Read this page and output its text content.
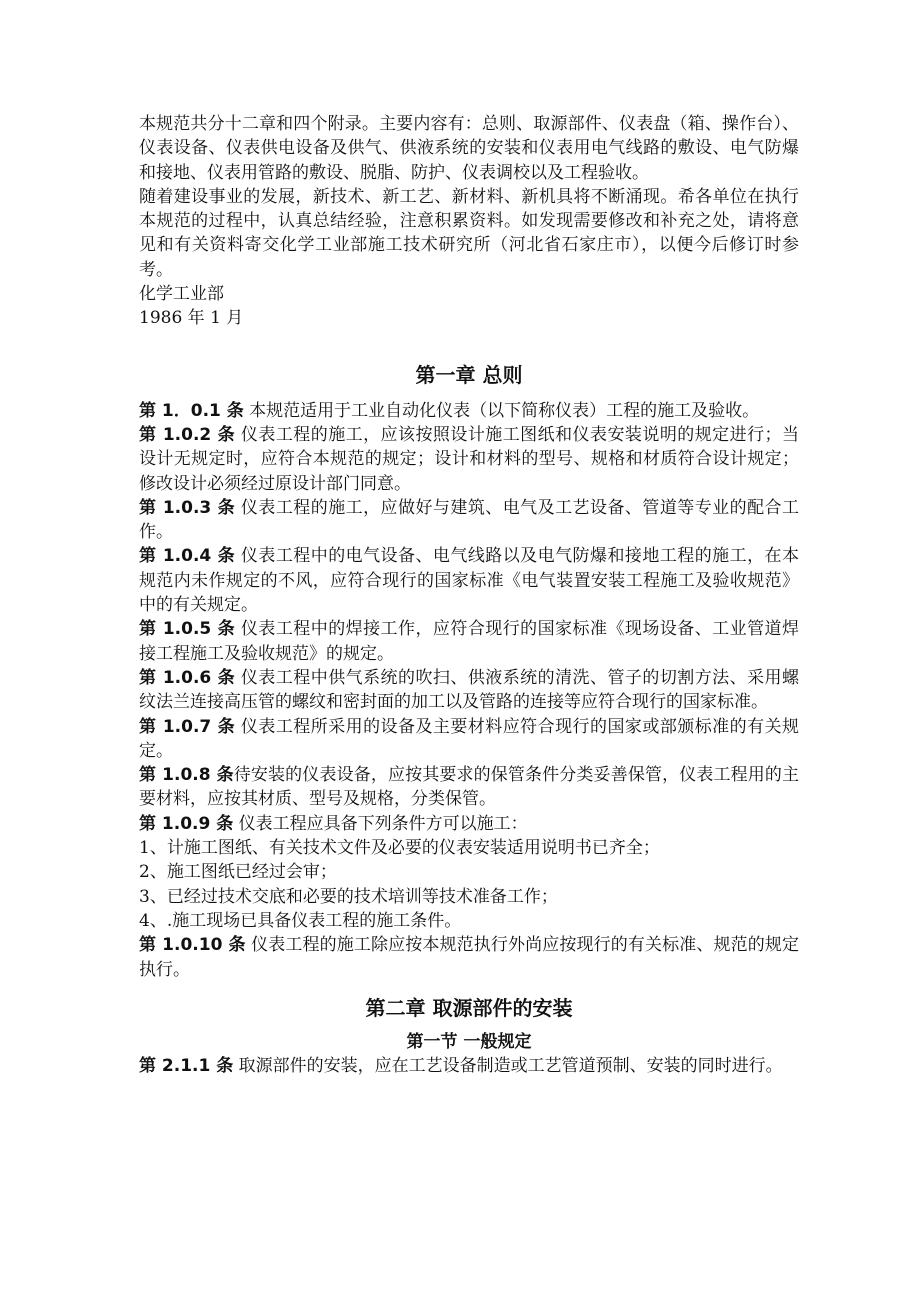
本规范共分十二章和四个附录。主要内容有：总则、取源部件、仪表盘（箱、操作台）、仪表设备、仪表供电设备及供气、供液系统的安装和仪表用电气线路的敷设、电气防爆和接地、仪表用管路的敷设、脱脂、防护、仪表调校以及工程验收。

随着建设事业的发展，新技术、新工艺、新材料、新机具将不断涌现。希各单位在执行本规范的过程中，认真总结经验，注意积累资料。如发现需要修改和补充之处，请将意见和有关资料寄交化学工业部施工技术研究所（河北省石家庄市），以便今后修订时参考。

化学工业部

1986 年 1 月

第一章 总则

第 1．0.1 条 本规范适用于工业自动化仪表（以下简称仪表）工程的施工及验收。

第 1.0.2 条 仪表工程的施工，应该按照设计施工图纸和仪表安装说明的规定进行；当设计无规定时，应符合本规范的规定；设计和材料的型号、规格和材质符合设计规定；修改设计必须经过原设计部门同意。

第 1.0.3 条 仪表工程的施工，应做好与建筑、电气及工艺设备、管道等专业的配合工作。

第 1.0.4 条 仪表工程中的电气设备、电气线路以及电气防爆和接地工程的施工，在本规范内未作规定的不风，应符合现行的国家标准《电气装置安装工程施工及验收规范》中的有关规定。

第 1.0.5 条 仪表工程中的焊接工作，应符合现行的国家标准《现场设备、工业管道焊接工程施工及验收规范》的规定。

第 1.0.6 条 仪表工程中供气系统的吹扫、供液系统的清洗、管子的切割方法、采用螺纹法兰连接高压管的螺纹和密封面的加工以及管路的连接等应符合现行的国家标准。

第 1.0.7 条 仪表工程所采用的设备及主要材料应符合现行的国家或部颁标准的有关规定。

第 1.0.8 条待安装的仪表设备，应按其要求的保管条件分类妥善保管，仪表工程用的主要材料，应按其材质、型号及规格，分类保管。

第 1.0.9 条 仪表工程应具备下列条件方可以施工：

1、计施工图纸、有关技术文件及必要的仪表安装适用说明书已齐全；

2、施工图纸已经过会审；

3、已经过技术交底和必要的技术培训等技术准备工作；

4、.施工现场已具备仪表工程的施工条件。

第 1.0.10 条 仪表工程的施工除应按本规范执行外尚应按现行的有关标准、规范的规定执行。

第二章 取源部件的安装
第一节 一般规定

第 2.1.1 条 取源部件的安装，应在工艺设备制造或工艺管道预制、安装的同时进行。
